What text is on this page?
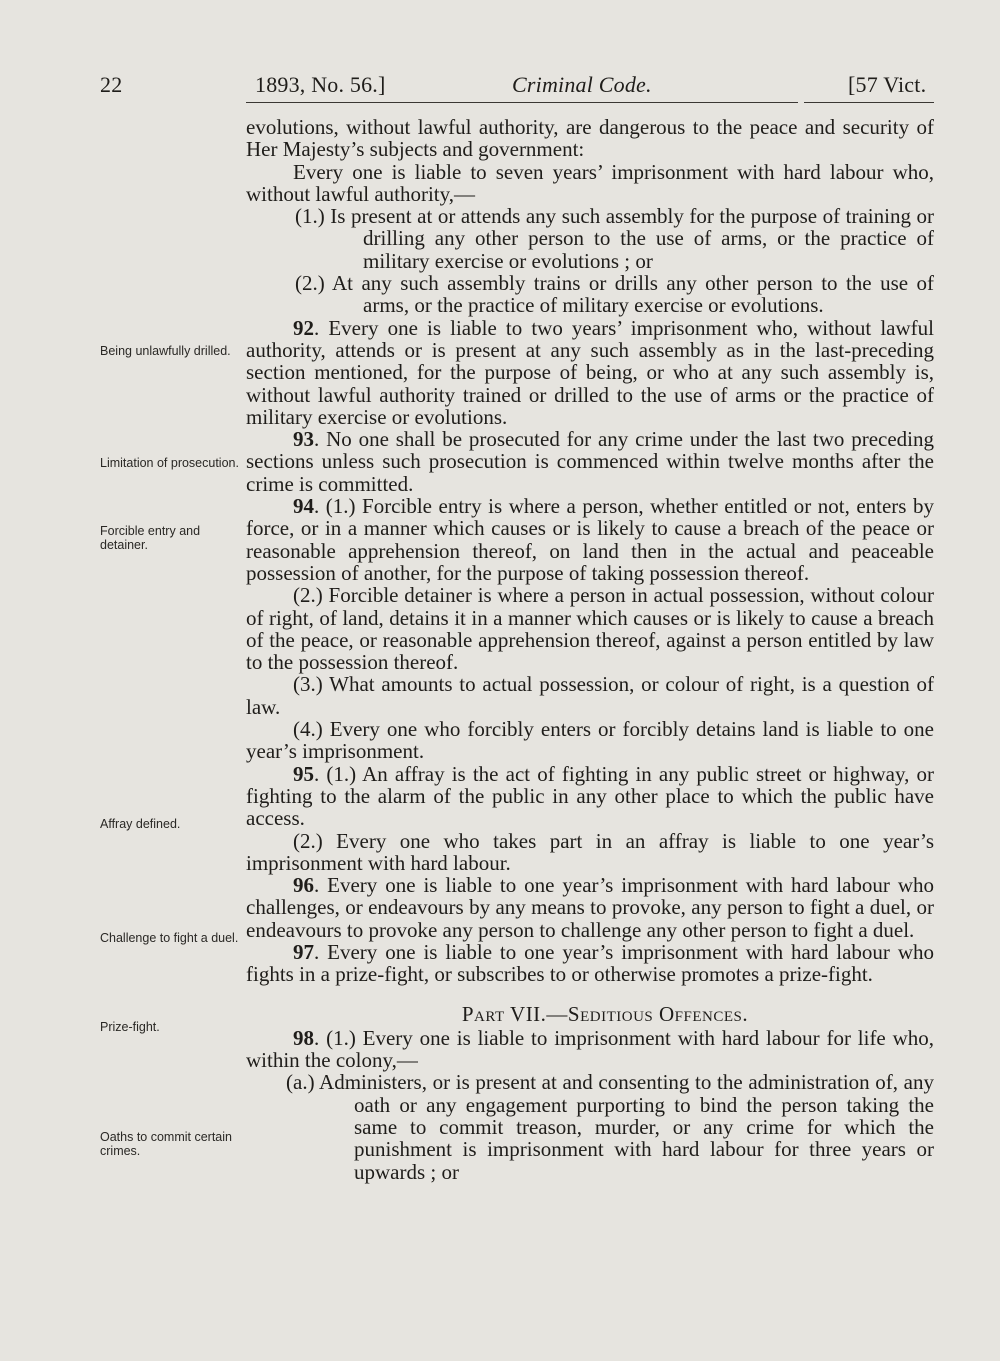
22	1893, No. 56.]	Criminal Code.	[57 Vict.
Being unlawfully drilled.
Limitation of prosecution.
Forcible entry and detainer.
Affray defined.
Challenge to fight a duel.
Prize-fight.
Oaths to commit certain crimes.

evolutions, without lawful authority, are dangerous to the peace and security of Her Majesty’s subjects and government:

Every one is liable to seven years’ imprisonment with hard labour who, without lawful authority,—

(1.) Is present at or attends any such assembly for the purpose of training or drilling any other person to the use of arms, or the practice of military exercise or evolutions ; or

(2.) At any such assembly trains or drills any other person to the use of arms, or the practice of military exercise or evolutions.

92. Every one is liable to two years’ imprisonment who, without lawful authority, attends or is present at any such assembly as in the last-preceding section mentioned, for the purpose of being, or who at any such assembly is, without lawful authority trained or drilled to the use of arms or the practice of military exercise or evolutions.

93. No one shall be prosecuted for any crime under the last two preceding sections unless such prosecution is commenced within twelve months after the crime is committed.

94. (1.) Forcible entry is where a person, whether entitled or not, enters by force, or in a manner which causes or is likely to cause a breach of the peace or reasonable apprehension thereof, on land then in the actual and peaceable possession of another, for the purpose of taking possession thereof.

(2.) Forcible detainer is where a person in actual possession, without colour of right, of land, detains it in a manner which causes or is likely to cause a breach of the peace, or reasonable apprehension thereof, against a person entitled by law to the possession thereof.

(3.) What amounts to actual possession, or colour of right, is a question of law.

(4.) Every one who forcibly enters or forcibly detains land is liable to one year’s imprisonment.

95. (1.) An affray is the act of fighting in any public street or highway, or fighting to the alarm of the public in any other place to which the public have access.

(2.) Every one who takes part in an affray is liable to one year’s imprisonment with hard labour.

96. Every one is liable to one year’s imprisonment with hard labour who challenges, or endeavours by any means to provoke, any person to fight a duel, or endeavours to provoke any person to challenge any other person to fight a duel.

97. Every one is liable to one year’s imprisonment with hard labour who fights in a prize-fight, or subscribes to or otherwise promotes a prize-fight.

Part VII.—Seditious Offences.

98. (1.) Every one is liable to imprisonment with hard labour for life who, within the colony,—

(a.) Administers, or is present at and consenting to the administration of, any oath or any engagement purporting to bind the person taking the same to commit treason, murder, or any crime for which the punishment is imprisonment with hard labour for three years or upwards ; or
